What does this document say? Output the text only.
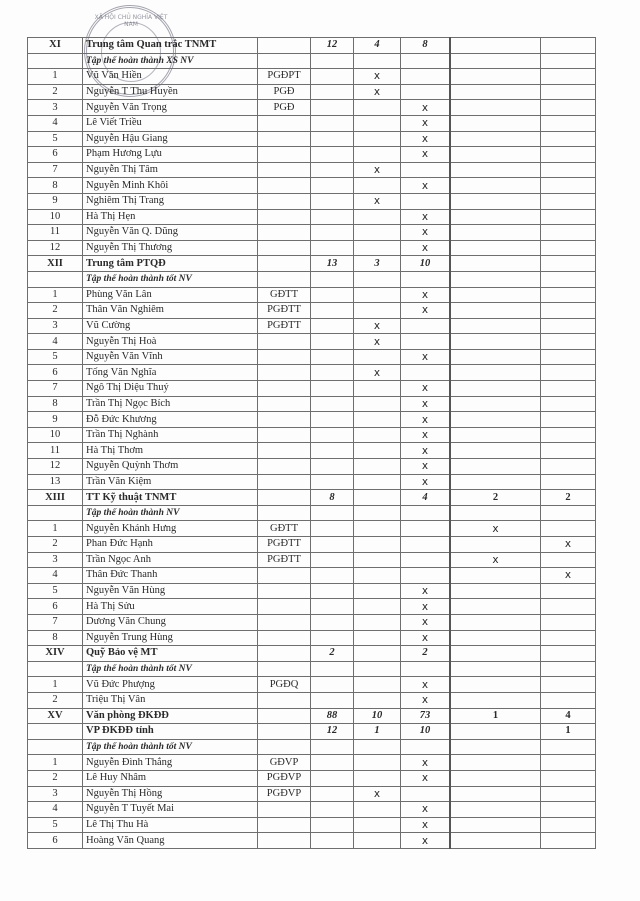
XÃ HỘI CHỦ NGHĨA VIỆT NAM
XI	Trung tâm Quan trắc TNMT		12	4	8		
	Tập thể hoàn thành XS NV						
1	Vũ Văn Hiền	PGĐPT		x			
2	Nguyễn T Thu Huyền	PGĐ		x			
3	Nguyễn Văn Trọng	PGĐ			x		
4	Lê Viết Triều				x		
5	Nguyễn Hậu Giang				x		
6	Phạm Hương Lựu				x		
7	Nguyễn Thị Tâm			x			
8	Nguyễn Minh Khôi				x		
9	Nghiêm Thị Trang			x			
10	Hà Thị Hẹn				x		
11	Nguyễn Văn Q. Dũng				x		
12	Nguyễn Thị Thương				x		
XII	Trung tâm PTQĐ		13	3	10		
	Tập thể hoàn thành tốt NV						
1	Phùng Văn Lân	GĐTT			x		
2	Thân Văn Nghiêm	PGĐTT			x		
3	Vũ Cường	PGĐTT		x			
4	Nguyễn Thị Hoà			x			
5	Nguyễn Văn Vĩnh				x		
6	Tống Văn Nghĩa			x			
7	Ngô Thị Diệu Thuý				x		
8	Trần Thị Ngọc Bích				x		
9	Đỗ Đức Khương				x		
10	Trần Thị Nghành				x		
11	Hà Thị Thơm				x		
12	Nguyễn Quỳnh Thơm				x		
13	Trần Văn Kiệm				x		
XIII	TT Kỹ thuật TNMT		8		4	2	2
	Tập thể hoàn thành NV						
1	Nguyễn Khánh Hưng	GĐTT				x	
2	Phan Đức Hạnh	PGĐTT					x
3	Trần Ngọc Anh	PGĐTT				x	
4	Thân Đức Thanh						x
5	Nguyễn Văn Hùng				x		
6	Hà Thị Sửu				x		
7	Dương Văn Chung				x		
8	Nguyễn Trung Hùng				x		
XIV	Quỹ Bảo vệ MT		2		2		
	Tập thể hoàn thành tốt NV						
1	Vũ Đức Phượng	PGĐQ			x		
2	Triệu Thị Vân				x		
XV	Văn phòng ĐKĐĐ		88	10	73	1	4
	VP ĐKĐĐ tỉnh		12	1	10		1
	Tập thể hoàn thành tốt NV						
1	Nguyễn Đình Thắng	GĐVP			x		
2	Lê Huy Nhâm	PGĐVP			x		
3	Nguyễn Thị Hồng	PGĐVP		x			
4	Nguyễn T Tuyết Mai				x		
5	Lê Thị Thu Hà				x		
6	Hoàng Văn Quang				x		
